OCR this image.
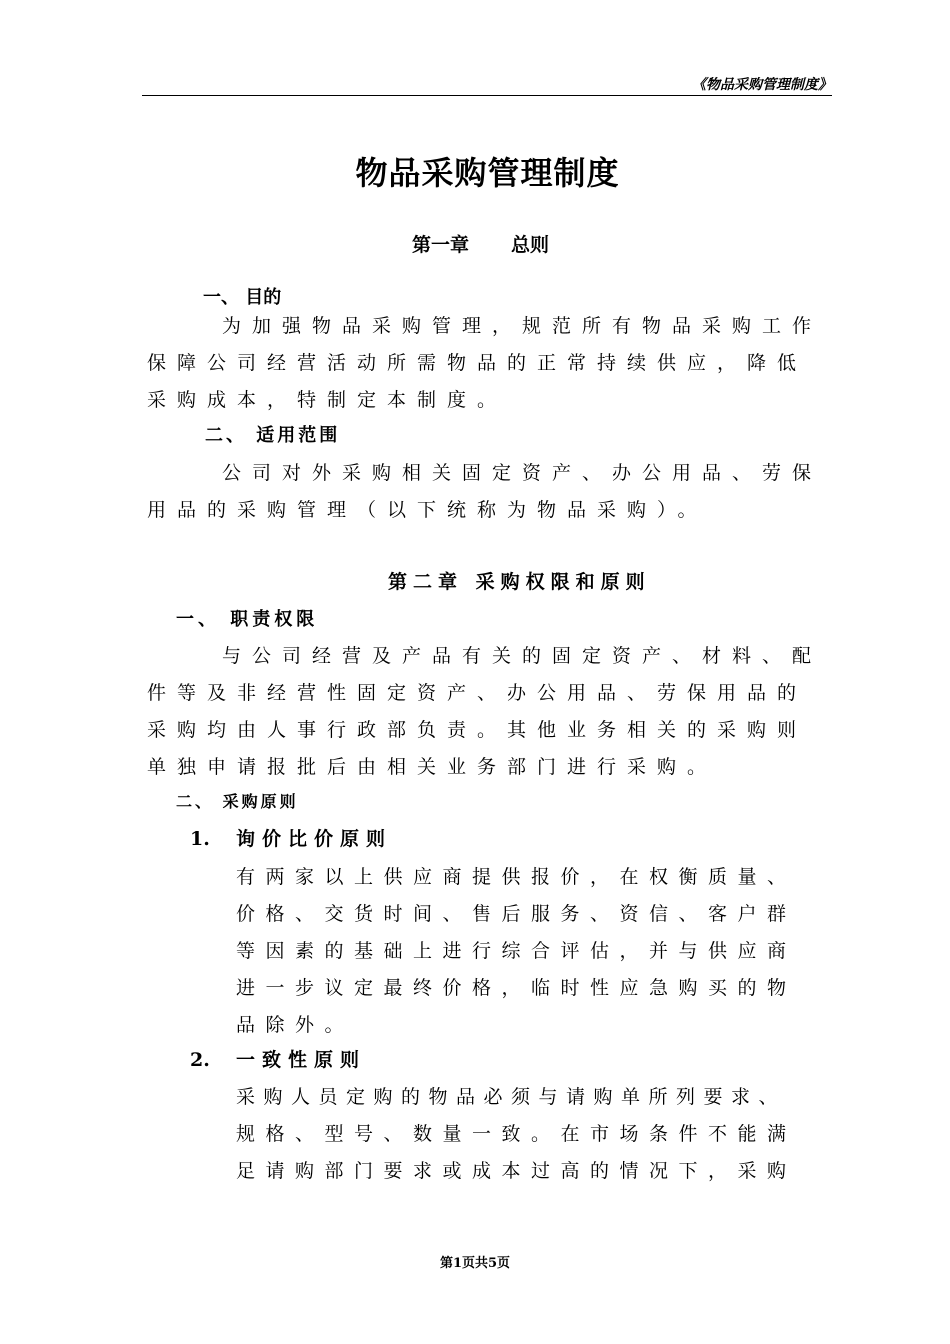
《物品采购管理制度》
物品采购管理制度
第一章 总则
一、 目的
为加强物品采购管理，规范所有物品采购工作
保障公司经营活动所需物品的正常持续供应，降低
采购成本，特制定本制度。
二、 适用范围
公司对外采购相关固定资产、办公用品、劳保
用品的采购管理（以下统称为物品采购）。
第二章 采购权限和原则
一、 职责权限
与公司经营及产品有关的固定资产、材料、配
件等及非经营性固定资产、办公用品、劳保用品的
采购均由人事行政部负责。其他业务相关的采购则
单独申请报批后由相关业务部门进行采购。
二、 采购原则
1. 询价比价原则
有两家以上供应商提供报价，在权衡质量、
价格、交货时间、售后服务、资信、客户群
等因素的基础上进行综合评估，并与供应商
进一步议定最终价格，临时性应急购买的物
品除外。
2. 一致性原则
采购人员定购的物品必须与请购单所列要求、
规格、型号、数量一致。在市场条件不能满
足请购部门要求或成本过高的情况下，采购
第1页共5页
